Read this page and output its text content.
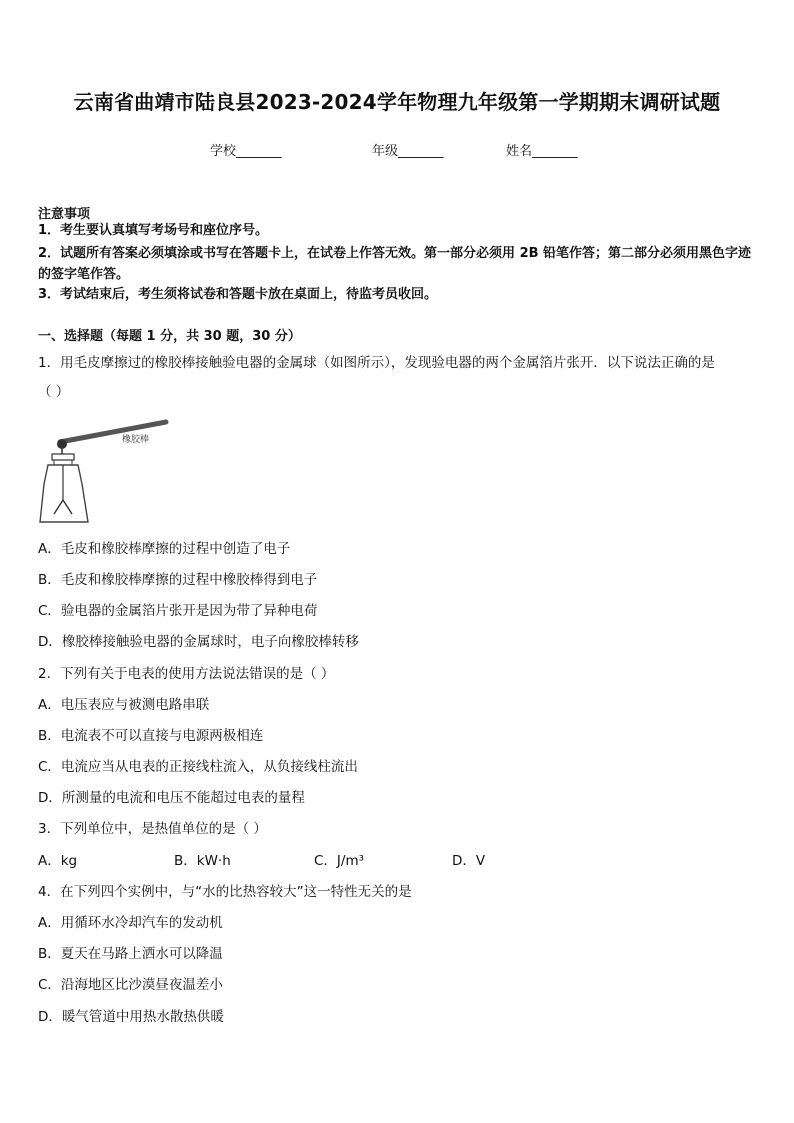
云南省曲靖市陆良县2023-2024学年物理九年级第一学期期末调研试题
学校_______	年级_______	姓名_______
注意事项
1．考生要认真填写考场号和座位序号。
2．试题所有答案必须填涂或书写在答题卡上，在试卷上作答无效。第一部分必须用 2B 铅笔作答；第二部分必须用黑色字迹的签字笔作答。
3．考试结束后，考生须将试卷和答题卡放在桌面上，待监考员收回。
一、选择题（每题 1 分，共 30 题，30 分）
1．用毛皮摩擦过的橡胶棒接触验电器的金属球（如图所示），发现验电器的两个金属箔片张开．以下说法正确的是
（ ）
橡胶棒
A．毛皮和橡胶棒摩擦的过程中创造了电子
B．毛皮和橡胶棒摩擦的过程中橡胶棒得到电子
C．验电器的金属箔片张开是因为带了异种电荷
D．橡胶棒接触验电器的金属球时，电子向橡胶棒转移
2．下列有关于电表的使用方法说法错误的是（ ）
A．电压表应与被测电路串联
B．电流表不可以直接与电源两极相连
C．电流应当从电表的正接线柱流入，从负接线柱流出
D．所测量的电流和电压不能超过电表的量程
3．下列单位中，是热值单位的是（ ）
A．kg	B．kW·h	C．J/m³	D．V
4．在下列四个实例中，与“水的比热容较大”这一特性无关的是
A．用循环水冷却汽车的发动机
B．夏天在马路上洒水可以降温
C．沿海地区比沙漠昼夜温差小
D．暖气管道中用热水散热供暖
